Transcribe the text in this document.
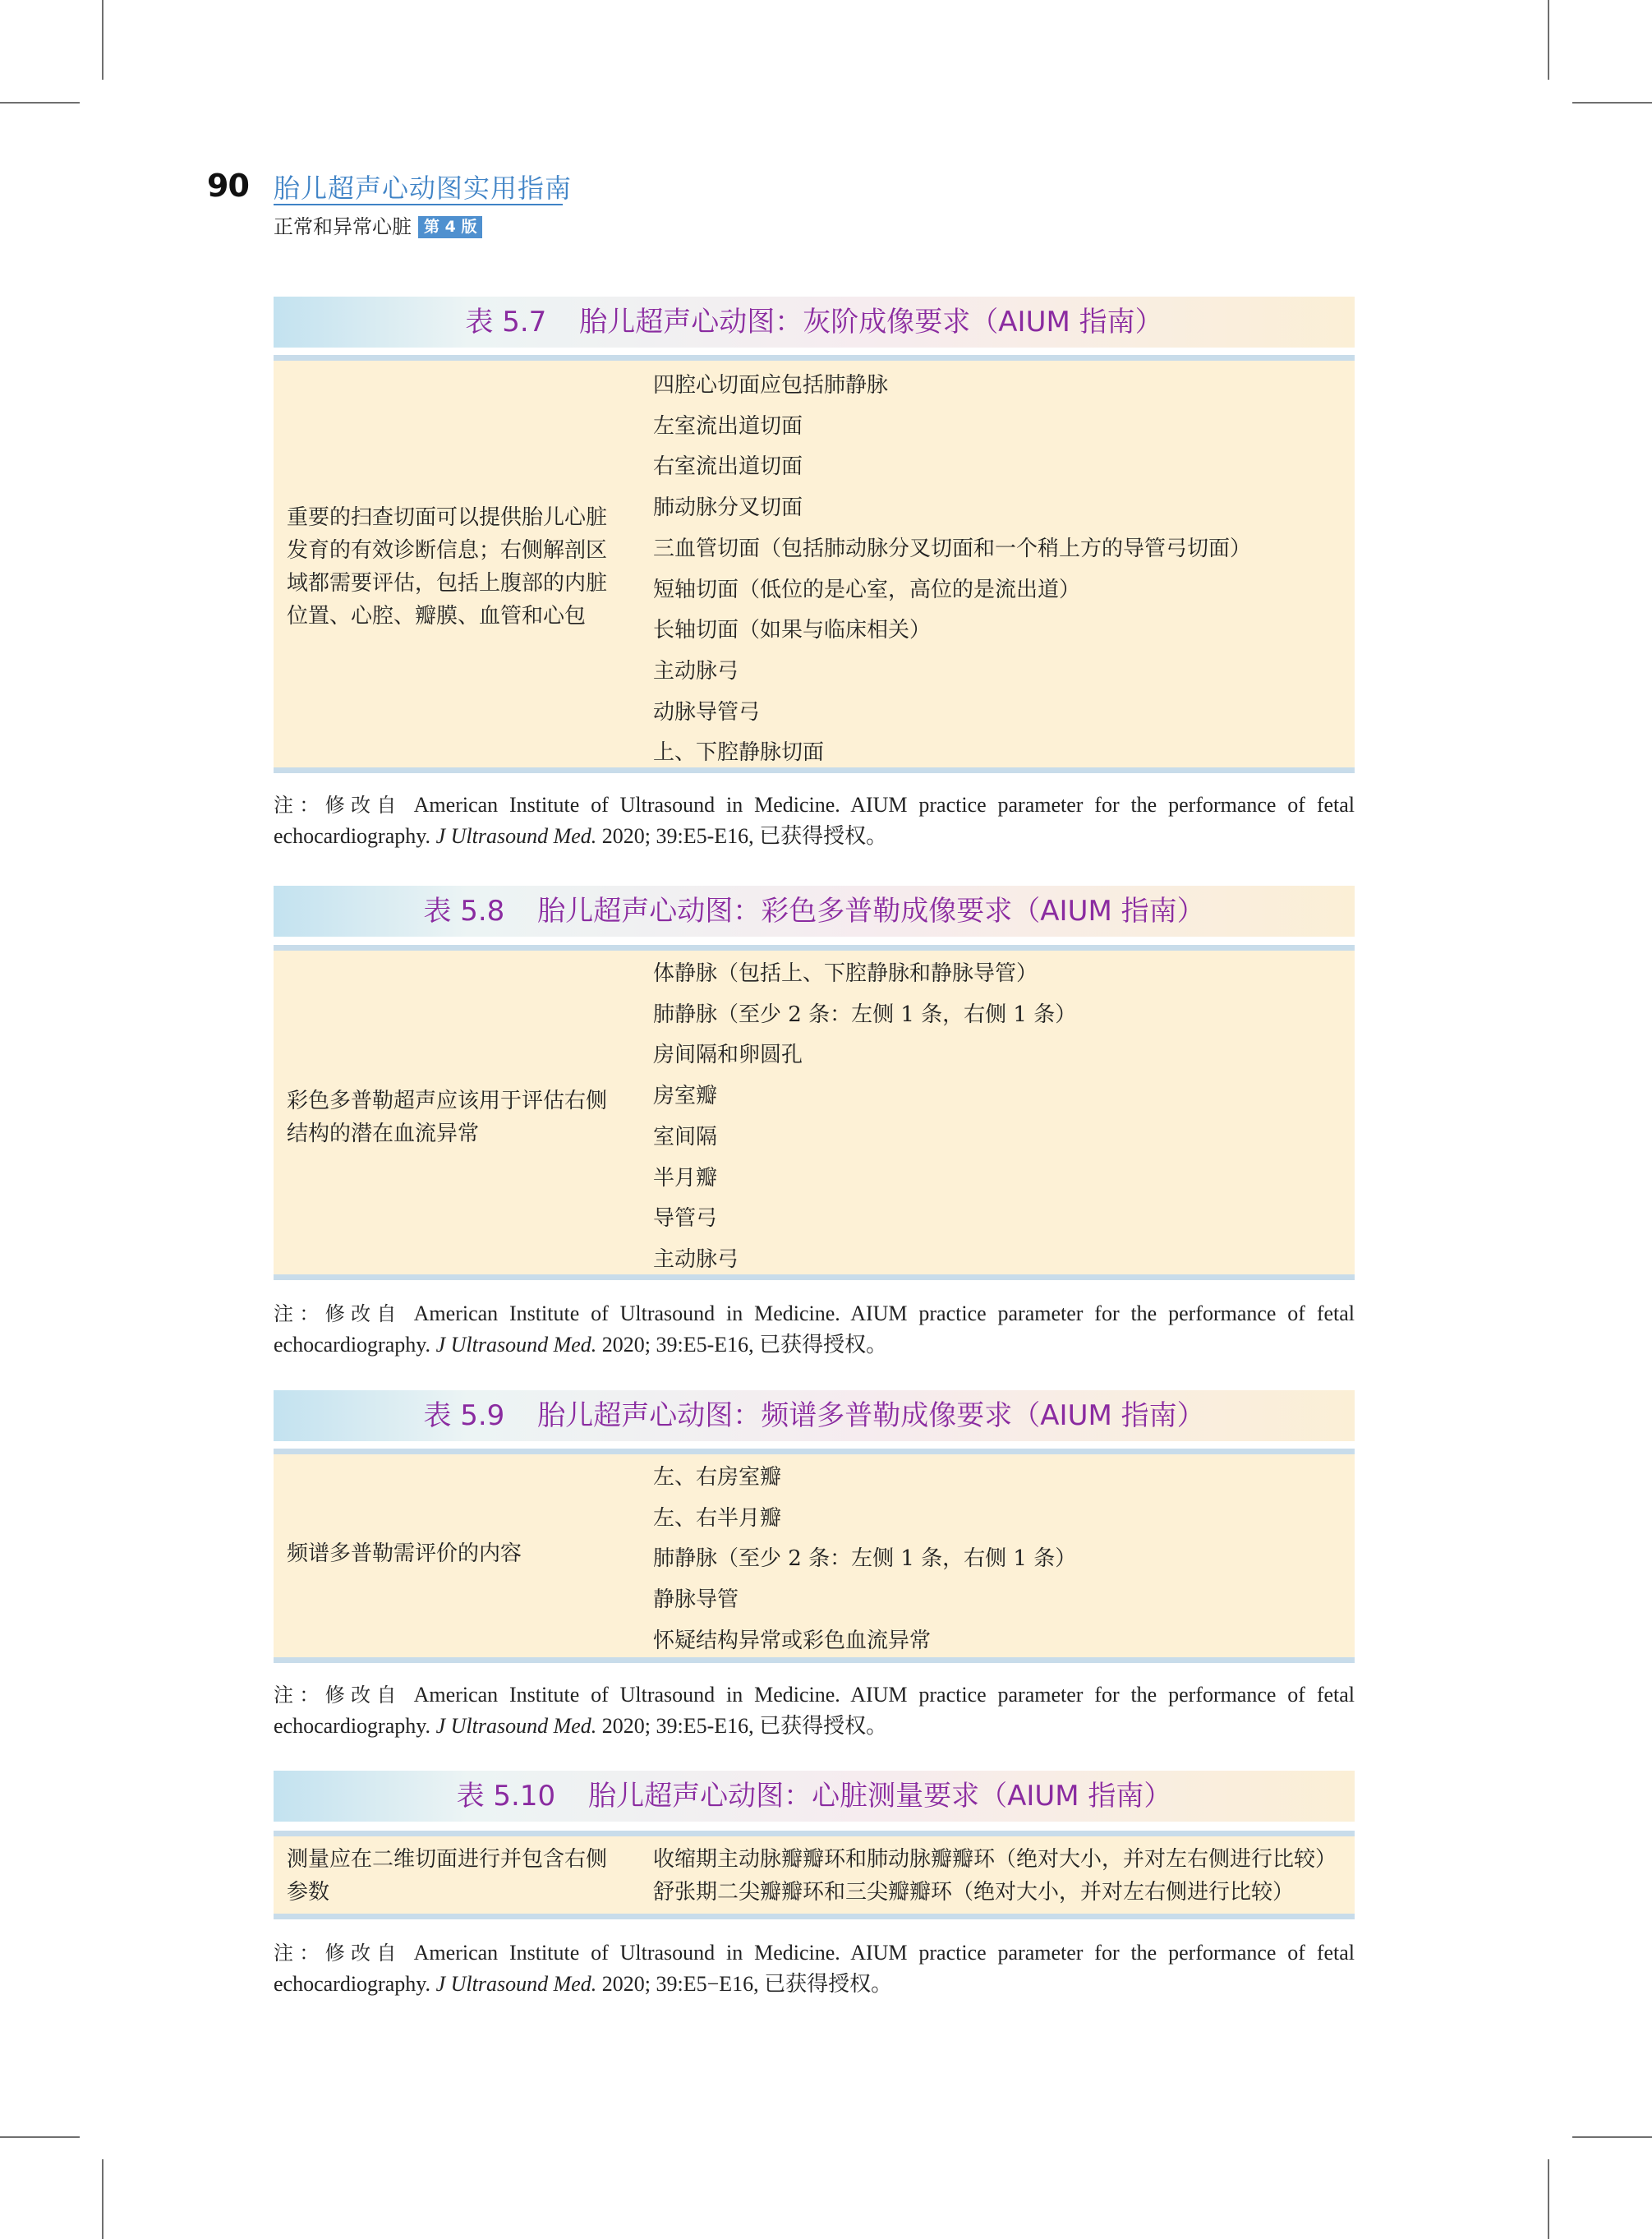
90 胎儿超声心动图实用指南
正常和异常心脏 第 4 版
表 5.7 胎儿超声心动图：灰阶成像要求（AIUM 指南）
重要的扫查切面可以提供胎儿心脏
发育的有效诊断信息；右侧解剖区
域都需要评估，包括上腹部的内脏
位置、心腔、瓣膜、血管和心包
四腔心切面应包括肺静脉
左室流出道切面
右室流出道切面
肺动脉分叉切面
三血管切面（包括肺动脉分叉切面和一个稍上方的导管弓切面）
短轴切面（低位的是心室，高位的是流出道）
长轴切面（如果与临床相关）
主动脉弓
动脉导管弓
上、下腔静脉切面
注：修改自 American Institute of Ultrasound in Medicine. AIUM practice parameter for the performance of fetal echocardiography. J Ultrasound Med. 2020; 39:E5-E16, 已获得授权。
表 5.8 胎儿超声心动图：彩色多普勒成像要求（AIUM 指南）
彩色多普勒超声应该用于评估右侧
结构的潜在血流异常
体静脉（包括上、下腔静脉和静脉导管）
肺静脉（至少 2 条：左侧 1 条，右侧 1 条）
房间隔和卵圆孔
房室瓣
室间隔
半月瓣
导管弓
主动脉弓
注：修改自 American Institute of Ultrasound in Medicine. AIUM practice parameter for the performance of fetal echocardiography. J Ultrasound Med. 2020; 39:E5-E16, 已获得授权。
表 5.9 胎儿超声心动图：频谱多普勒成像要求（AIUM 指南）
频谱多普勒需评价的内容
左、右房室瓣
左、右半月瓣
肺静脉（至少 2 条：左侧 1 条，右侧 1 条）
静脉导管
怀疑结构异常或彩色血流异常
注：修改自 American Institute of Ultrasound in Medicine. AIUM practice parameter for the performance of fetal echocardiography. J Ultrasound Med. 2020; 39:E5-E16, 已获得授权。
表 5.10 胎儿超声心动图：心脏测量要求（AIUM 指南）
测量应在二维切面进行并包含右侧
参数
收缩期主动脉瓣瓣环和肺动脉瓣瓣环（绝对大小，并对左右侧进行比较）
舒张期二尖瓣瓣环和三尖瓣瓣环（绝对大小，并对左右侧进行比较）
注：修改自 American Institute of Ultrasound in Medicine. AIUM practice parameter for the performance of fetal echocardiography. J Ultrasound Med. 2020; 39:E5−E16, 已获得授权。
